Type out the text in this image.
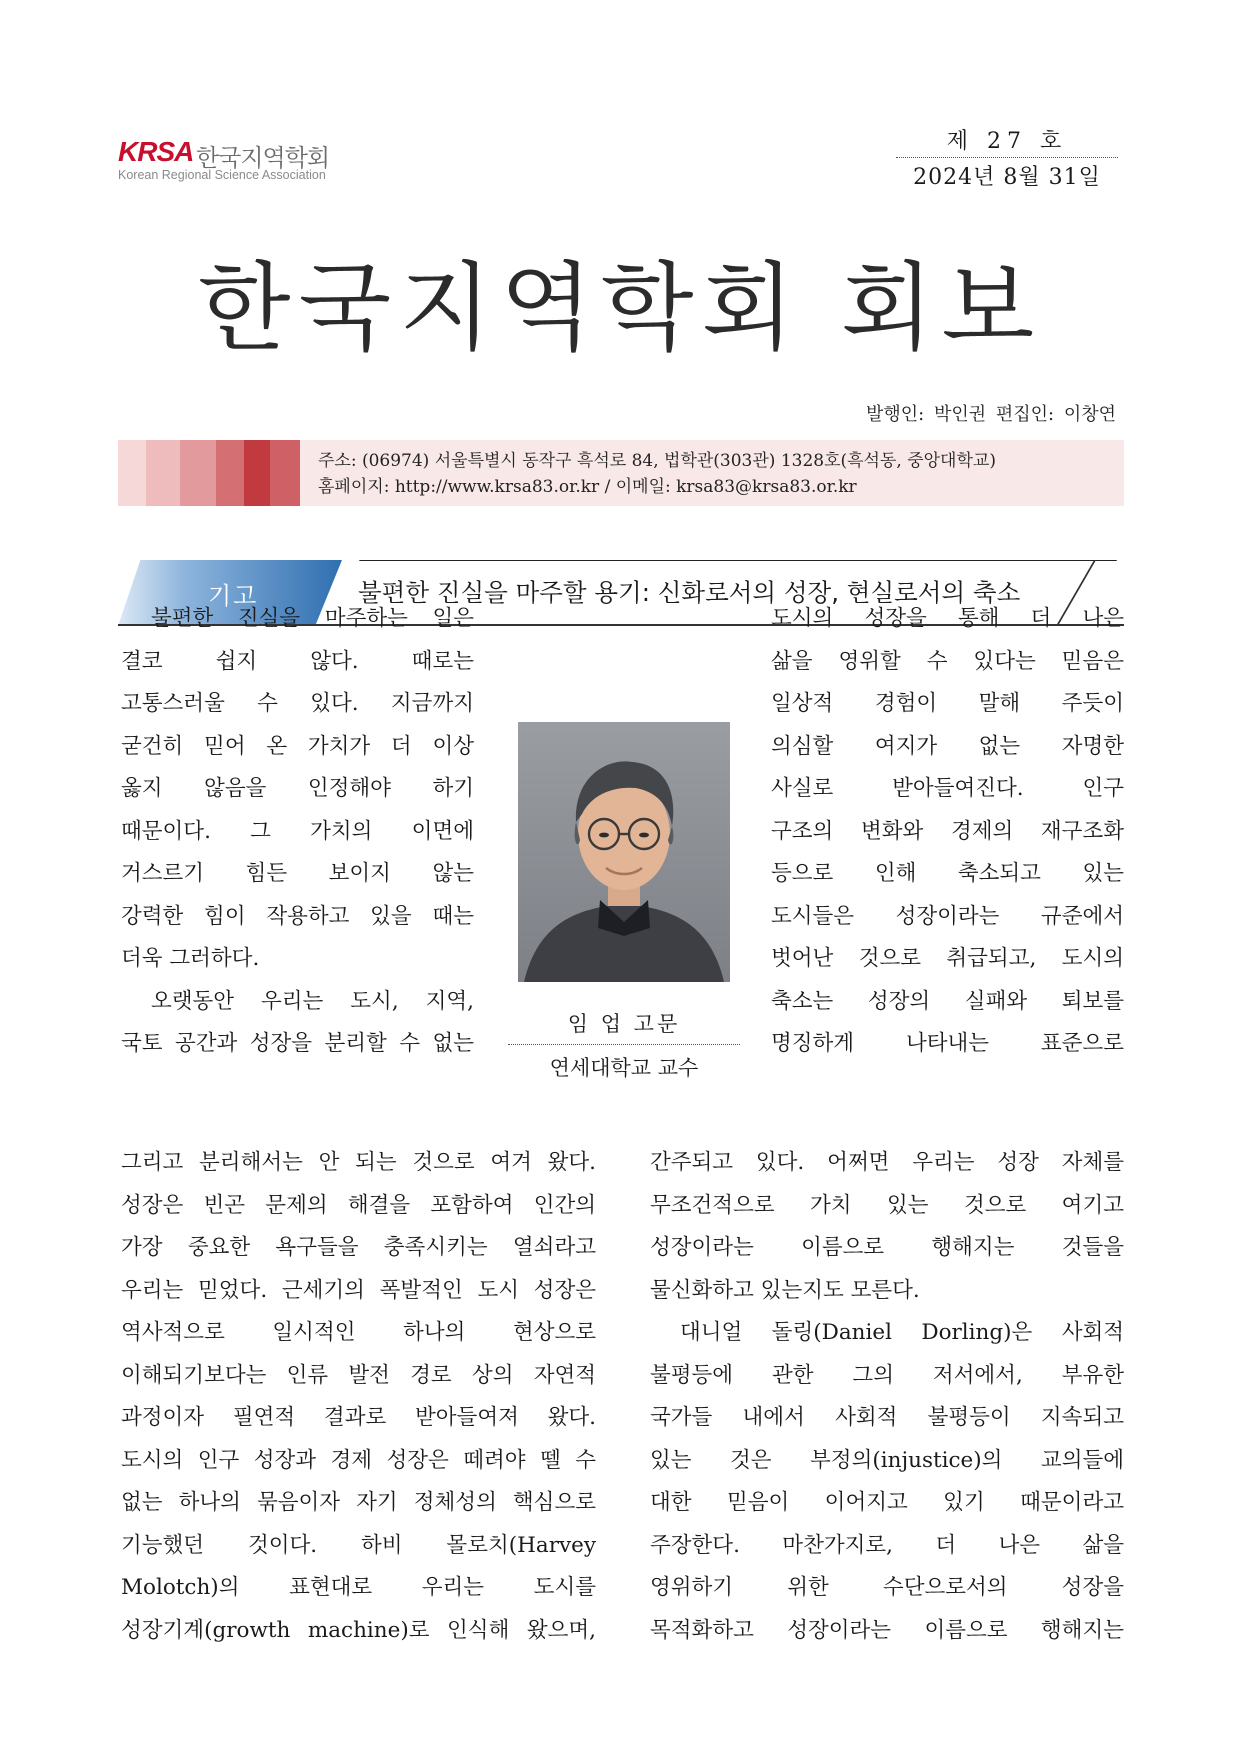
KRSA 한국지역학회
Korean Regional Science Association
제 27 호
2024년 8월 31일
한국지역학회 회보
발행인: 박인권 편집인: 이창연
주소: (06974) 서울특별시 동작구 흑석로 84, 법학관(303관) 1328호(흑석동, 중앙대학교)
홈페이지: http://www.krsa83.or.kr / 이메일: krsa83@krsa83.or.kr
기고	불편한 진실을 마주할 용기: 신화로서의 성장, 현실로서의 축소
불편한 진실을 마주하는 일은
결코 쉽지 않다. 때로는
고통스러울 수 있다. 지금까지
굳건히 믿어 온 가치가 더 이상
옳지 않음을 인정해야 하기
때문이다. 그 가치의 이면에
거스르기 힘든 보이지 않는
강력한 힘이 작용하고 있을 때는
더욱 그러하다.
오랫동안 우리는 도시, 지역,
국토 공간과 성장을 분리할 수 없는
그리고 분리해서는 안 되는 것으로 여겨 왔다.
성장은 빈곤 문제의 해결을 포함하여 인간의
가장 중요한 욕구들을 충족시키는 열쇠라고
우리는 믿었다. 근세기의 폭발적인 도시 성장은
역사적으로 일시적인 하나의 현상으로
이해되기보다는 인류 발전 경로 상의 자연적
과정이자 필연적 결과로 받아들여져 왔다.
도시의 인구 성장과 경제 성장은 떼려야 뗄 수
없는 하나의 묶음이자 자기 정체성의 핵심으로
기능했던 것이다. 하비 몰로치(Harvey
Molotch)의 표현대로 우리는 도시를
성장기계(growth machine)로 인식해 왔으며,
도시의 성장을 통해 더 나은
삶을 영위할 수 있다는 믿음은
일상적 경험이 말해 주듯이
의심할 여지가 없는 자명한
사실로 받아들여진다. 인구
구조의 변화와 경제의 재구조화
등으로 인해 축소되고 있는
도시들은 성장이라는 규준에서
벗어난 것으로 취급되고, 도시의
축소는 성장의 실패와 퇴보를
명징하게 나타내는 표준으로
간주되고 있다. 어쩌면 우리는 성장 자체를
무조건적으로 가치 있는 것으로 여기고
성장이라는 이름으로 행해지는 것들을
물신화하고 있는지도 모른다.
대니얼 돌링(Daniel Dorling)은 사회적
불평등에 관한 그의 저서에서, 부유한
국가들 내에서 사회적 불평등이 지속되고
있는 것은 부정의(injustice)의 교의들에
대한 믿음이 이어지고 있기 때문이라고
주장한다. 마찬가지로, 더 나은 삶을
영위하기 위한 수단으로서의 성장을
목적화하고 성장이라는 이름으로 행해지는
임 업 고문
연세대학교 교수
